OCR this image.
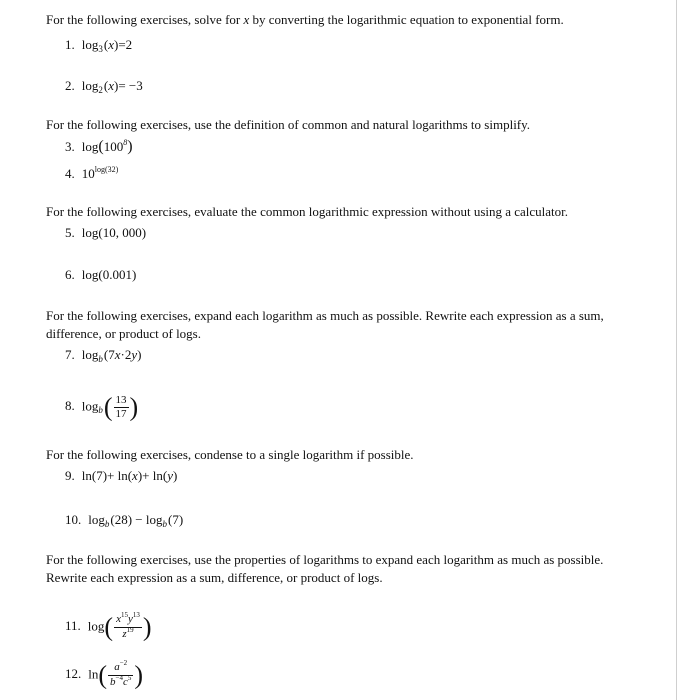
For the following exercises, solve for x by converting the logarithmic equation to exponential form.
1. $\log_3(x)=2$
2. $\log_2(x)= -3$
For the following exercises, use the definition of common and natural logarithms to simplify.
3. $\log(100^8)$
4. $10^{log(32)}$
For the following exercises, evaluate the common logarithmic expression without using a calculator.
5. log(10, 000)
6. log(0.001)
For the following exercises, expand each logarithm as much as possible. Rewrite each expression as a sum, difference, or product of logs.
7. $\log_b(7x\cdot 2y)$
8. $\log_b( \frac{13}{17}$ )
For the following exercises, condense to a single logarithm if possible.
9. ln(7)+ ln(x)+ ln(y)
10. $\log_b(28) - \log_b(7)$
For the following exercises, use the properties of logarithms to expand each logarithm as much as possible. Rewrite each expression as a sum, difference, or product of logs.
11. $\log( \frac{x^{15}y^{13}}{z^{19}}$ )
12. $\ln( \frac{a^{-2}}{b^{-4}c^5}$ )
